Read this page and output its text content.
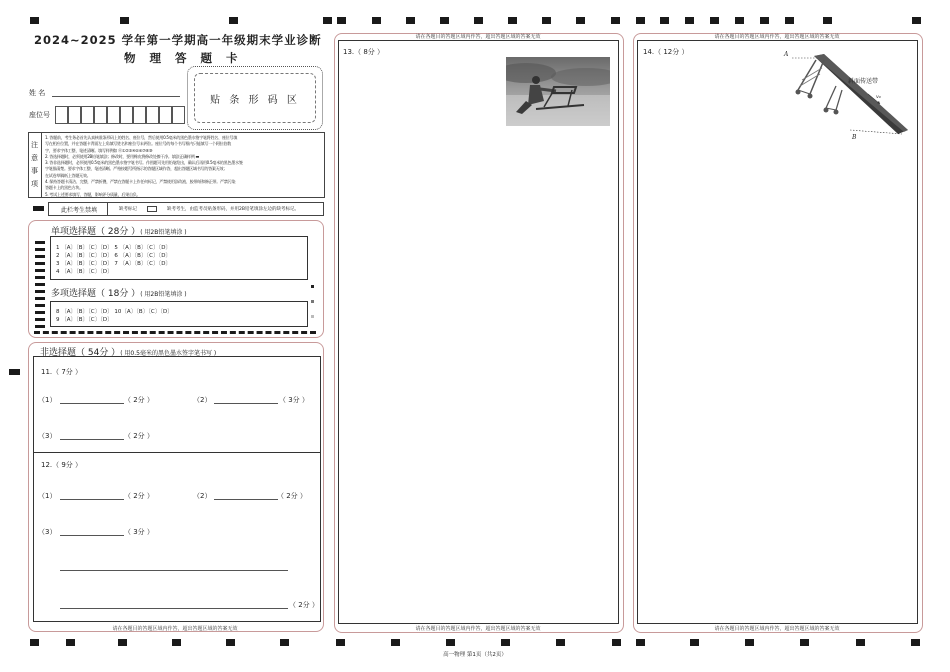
2024~2025 学年第一学期高一年级期末学业诊断
物 理 答 题 卡
姓 名
座位号
贴 条 形 码 区
注
意
事
项
1. 答题前，考生务必首先认真核准条形码上的姓名、座位号，然后使用0.5毫米的黑色墨水签字笔将姓名、座位号填
写在相应位置，并在答题卡背面左上角填写姓名和座位号末两位。座位号的每个书写框内只能填写一个阿拉伯数
字，要求字体工整、笔迹清晰。填写样例如 ⓪①②③④⑤⑥⑦⑧⑨
2. 答选择题时，必须使用2B铅笔填涂；修改时，要用橡皮将修改处擦干净。填涂正确样例 ▬
3. 答非选择题时，必须使用0.5毫米的黑色墨水签字笔书写。作图题可先用铅笔绘出，确认后再用0.5毫米的黑色墨水签
字笔描清楚。要求字体工整、笔迹清晰。严格按题号所指示的答题区域作答，超出答题区域书写的答案无效；
在试卷草稿纸上答题无效。
4. 保持答题卡清洁、完整，严禁折叠，严禁在答题卡上作任何标记，严禁使用涂改液、胶带纸和修正带。严禁污染
答题卡上的黑色方块。
5. 考试上述要求填写、答题，影响评分质量，后果自负。
此栏考生禁填	缺考标记	缺考考生，由监考员贴条形码，并用2B铅笔填涂左边的缺考标记。
单项选择题（ 28分 ）( 用2B铅笔填涂 )
1 〔A〕〔B〕〔C〕〔D〕 5 〔A〕〔B〕〔C〕〔D〕
2 〔A〕〔B〕〔C〕〔D〕 6 〔A〕〔B〕〔C〕〔D〕
3 〔A〕〔B〕〔C〕〔D〕 7 〔A〕〔B〕〔C〕〔D〕
4 〔A〕〔B〕〔C〕〔D〕
多项选择题（ 18分 ）( 用2B铅笔填涂 )
8 〔A〕〔B〕〔C〕〔D〕 10〔A〕〔B〕〔C〕〔D〕
9 〔A〕〔B〕〔C〕〔D〕
非选择题（ 54分 ）( 用0.5毫米的黑色墨水签字笔书写 )
11.（ 7分 ）
（1）	（ 2分 ）	（2）	（ 3分 ）
（3）	（ 2分 ）
12.（ 9分 ）
（1）	（ 2分 ）	（2）	（ 2分 ）
（3）	（ 3分 ）
（ 2分 ）
请在各题目的答题区域内作答，超出答题区域的答案无效
请在各题目的答题区域内作答，超出答题区域的答案无效
13.（ 8分 ）
请在各题目的答题区域内作答，超出答题区域的答案无效
请在各题目的答题区域内作答，超出答题区域的答案无效
14.（ 12分 ）	A
B
斜面传送带
v₀
请在各题目的答题区域内作答，超出答题区域的答案无效
高一物理 第1页（共2页）
